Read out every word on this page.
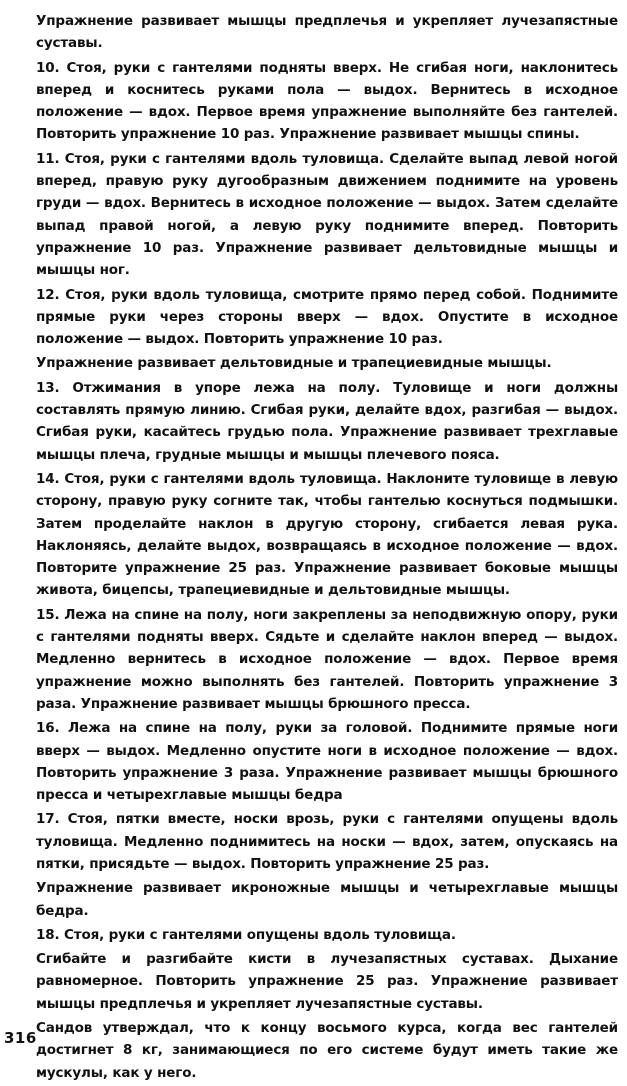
Упражнение развивает мышцы предплечья и укрепляет лучезапястные суставы.

10. Стоя, руки с гантелями подняты вверх. Не сгибая ноги, наклонитесь вперед и коснитесь руками пола — выдох. Вернитесь в исходное положение — вдох. Первое время упражнение выполняйте без гантелей. Повторить упражнение 10 раз. Упражнение развивает мышцы спины.

11. Стоя, руки с гантелями вдоль туловища. Сделайте выпад левой ногой вперед, правую руку дугообразным движением поднимите на уровень груди — вдох. Вернитесь в исходное положение — выдох. Затем сделайте выпад правой ногой, а левую руку поднимите вперед. Повторить упражнение 10 раз. Упражнение развивает дельтовидные мышцы и мышцы ног.

12. Стоя, руки вдоль туловища, смотрите прямо перед собой. Поднимите прямые руки через стороны вверх — вдох. Опустите в исходное положение — выдох. Повторить упражнение 10 раз.

Упражнение развивает дельтовидные и трапециевидные мышцы.

13. Отжимания в упоре лежа на полу. Туловище и ноги должны составлять прямую линию. Сгибая руки, делайте вдох, разгибая — выдох. Сгибая руки, касайтесь грудью пола. Упражнение развивает трехглавые мышцы плеча, грудные мышцы и мышцы плечевого пояса.

14. Стоя, руки с гантелями вдоль туловища. Наклоните туловище в левую сторону, правую руку согните так, чтобы гантелью коснуться подмышки. Затем проделайте наклон в другую сторону, сгибается левая рука. Наклоняясь, делайте выдох, возвращаясь в исходное положение — вдох. Повторите упражнение 25 раз. Упражнение развивает боковые мышцы живота, бицепсы, трапециевидные и дельтовидные мышцы.

15. Лежа на спине на полу, ноги закреплены за неподвижную опору, руки с гантелями подняты вверх. Сядьте и сделайте наклон вперед — выдох. Медленно вернитесь в исходное положение — вдох. Первое время упражнение можно выполнять без гантелей. Повторить упражнение 3 раза. Упражнение развивает мышцы брюшного пресса.

16. Лежа на спине на полу, руки за головой. Поднимите прямые ноги вверх — выдох. Медленно опустите ноги в исходное положение — вдох. Повторить упражнение 3 раза. Упражнение развивает мышцы брюшного пресса и четырехглавые мышцы бедра

17. Стоя, пятки вместе, носки врозь, руки с гантелями опущены вдоль туловища. Медленно поднимитесь на носки — вдох, затем, опускаясь на пятки, присядьте — выдох. Повторить упражнение 25 раз.

Упражнение развивает икроножные мышцы и четырехглавые мышцы бедра.

18. Стоя, руки с гантелями опущены вдоль туловища.

Сгибайте и разгибайте кисти в лучезапястных суставах. Дыхание равномерное. Повторить упражнение 25 раз. Упражнение развивает мышцы предплечья и укрепляет лучезапястные суставы.

Сандов утверждал, что к концу восьмого курса, когда вес гантелей достигнет 8 кг, занимающиеся по его системе будут иметь такие же мускулы, как у него.

316
